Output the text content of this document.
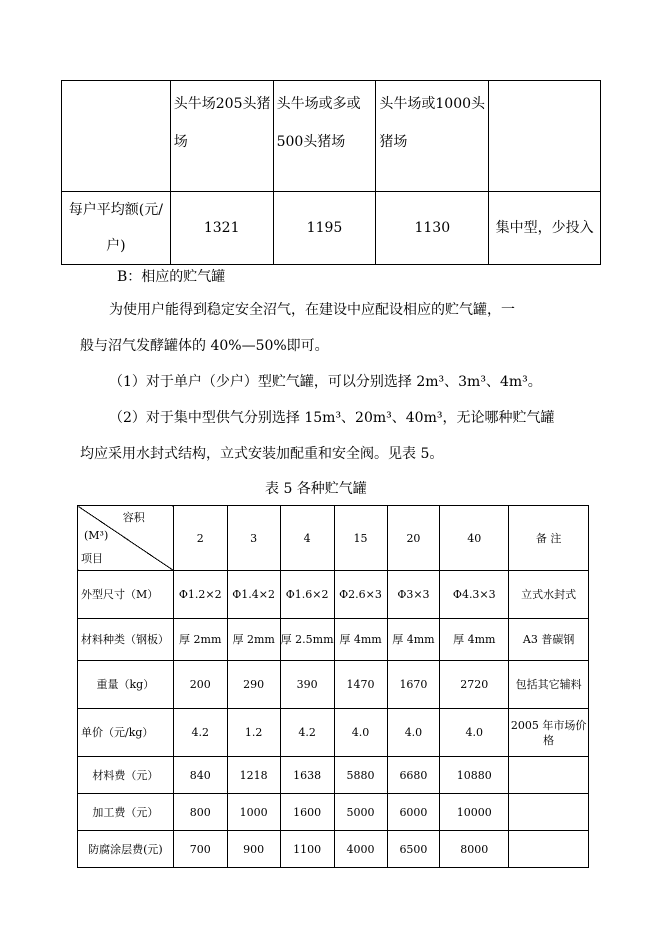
	头牛场205头猪场	头牛场或多或500头猪场	头牛场或1000头猪场	
每户平均额(元/户)	1321	1195	1130	集中型，少投入
B：相应的贮气罐
为使用户能得到稳定安全沼气，在建设中应配设相应的贮气罐，一
般与沼气发酵罐体的 40%—50%即可。
（1）对于单户（少户）型贮气罐，可以分别选择 2m³、3m³、4m³。
（2）对于集中型供气分别选择 15m³、20m³、40m³，无论哪种贮气罐
均应采用水封式结构，立式安装加配重和安全阀。见表 5。
表 5 各种贮气罐
容积
(M³)
项目	2	3	4	15	20	40	备 注
外型尺寸（M）	Φ1.2×2	Φ1.4×2	Φ1.6×2	Φ2.6×3	Φ3×3	Φ4.3×3	立式水封式
材料种类（钢板）	厚 2mm	厚 2mm	厚 2.5mm	厚 4mm	厚 4mm	厚 4mm	A3 普碳钢
重量（kg）	200	290	390	1470	1670	2720	包括其它辅料
单价（元/kg）	4.2	1.2	4.2	4.0	4.0	4.0	2005 年市场价格
材料费（元）	840	1218	1638	5880	6680	10880	
加工费（元）	800	1000	1600	5000	6000	10000	
防腐涂层费(元)	700	900	1100	4000	6500	8000	
